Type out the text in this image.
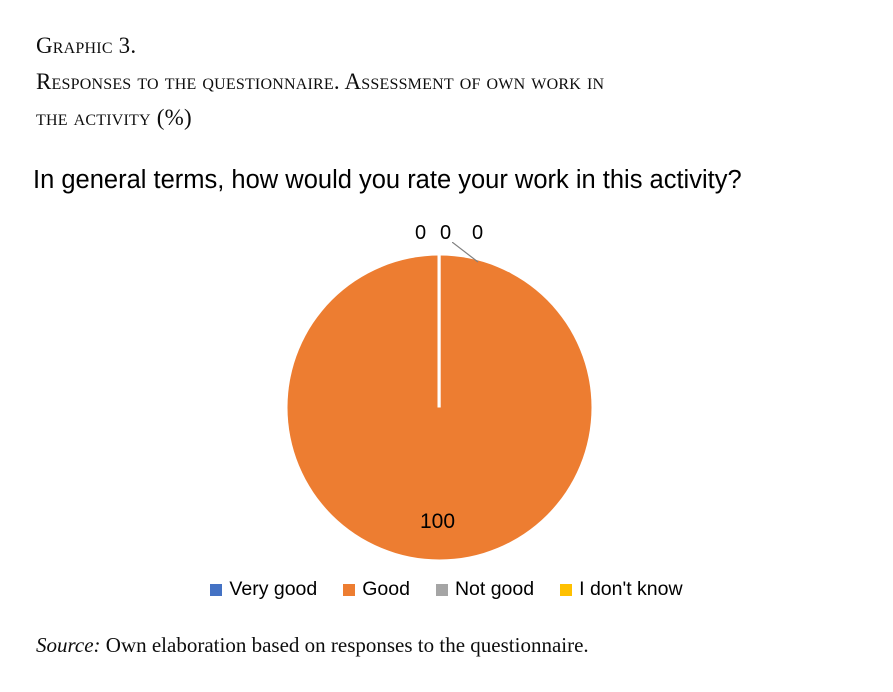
Graphic 3.
Responses to the questionnaire. Assessment of own work in
the activity (%)
In general terms, how would you rate your work in this activity?
0 0 0
100
Very good Good Not good I don't know
Source: Own elaboration based on responses to the questionnaire.
